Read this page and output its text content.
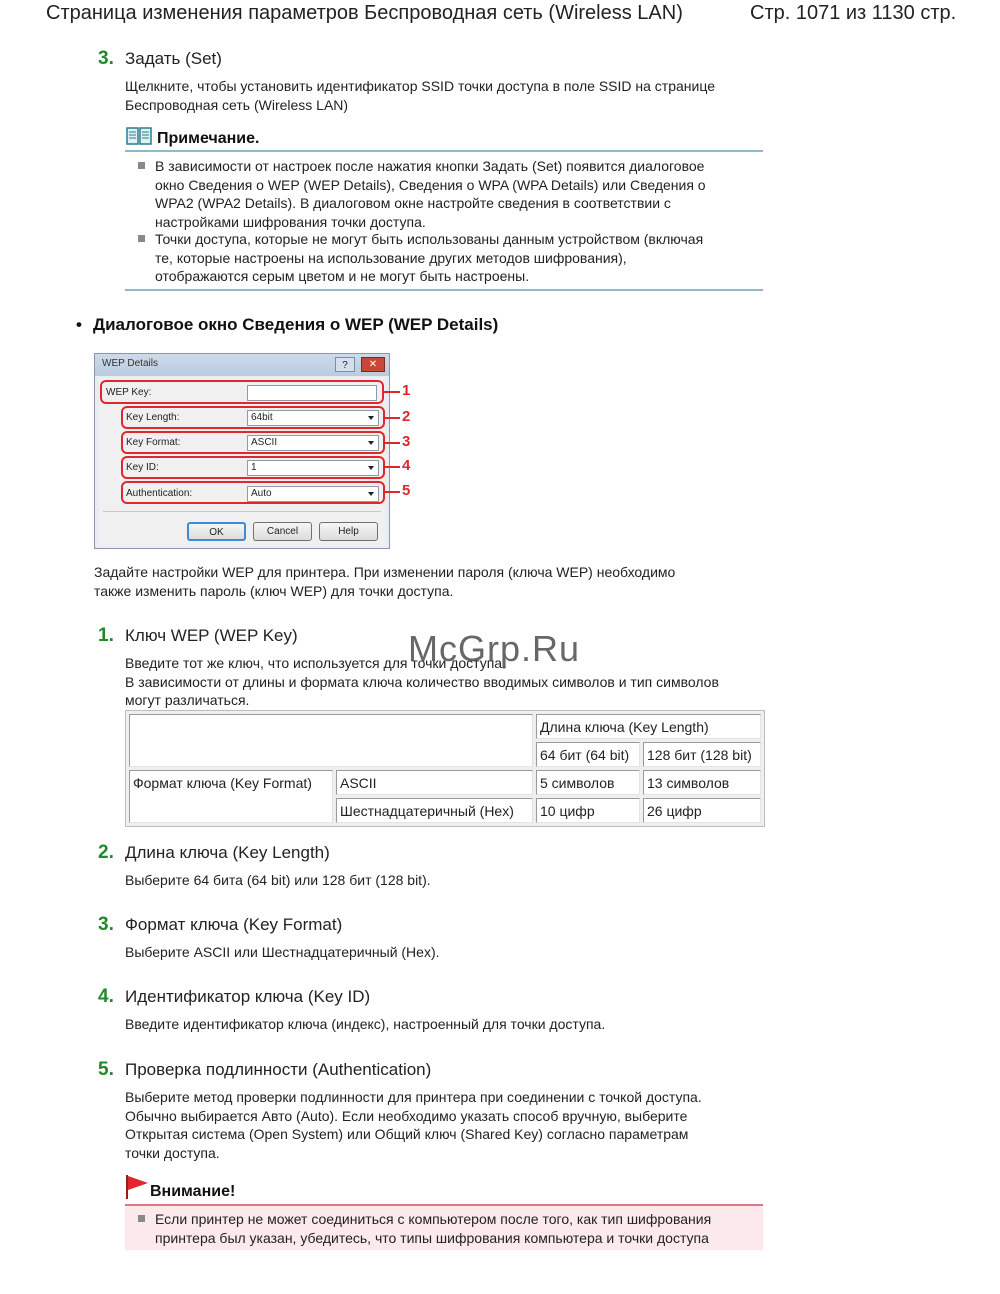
Страница изменения параметров Беспроводная сеть (Wireless LAN)	Стр. 1071 из 1130 стр.
3. Задать (Set)
Щелкните, чтобы установить идентификатор SSID точки доступа в поле SSID на странице
Беспроводная сеть (Wireless LAN)
Примечание.
В зависимости от настроек после нажатия кнопки Задать (Set) появится диалоговое
окно Сведения о WEP (WEP Details), Сведения о WPA (WPA Details) или Сведения о
WPA2 (WPA2 Details). В диалоговом окне настройте сведения в соответствии с
настройками шифрования точки доступа.
Точки доступа, которые не могут быть использованы данным устройством (включая
те, которые настроены на использование других методов шифрования),
отображаются серым цветом и не могут быть настроены.
• Диалоговое окно Сведения о WEP (WEP Details)
WEP Details	?	✕
WEP Key:
Key Length:	64bit
Key Format:	ASCII
Key ID:	1
Authentication:	Auto
OK	Cancel	Help
1
2
3
4
5
Задайте настройки WEP для принтера. При изменении пароля (ключа WEP) необходимо
также изменить пароль (ключ WEP) для точки доступа.
1. Ключ WEP (WEP Key)
Введите тот же ключ, что используется для точки доступа.
В зависимости от длины и формата ключа количество вводимых символов и тип символов
могут различаться.
McGrp.Ru
		Длина ключа (Key Length)	
		64 бит (64 bit)	128 бит (128 bit)
Формат ключа (Key Format)	ASCII	5 символов	13 символов
	Шестнадцатеричный (Hex)	10 цифр	26 цифр
2. Длина ключа (Key Length)
Выберите 64 бита (64 bit) или 128 бит (128 bit).
3. Формат ключа (Key Format)
Выберите ASCII или Шестнадцатеричный (Hex).
4. Идентификатор ключа (Key ID)
Введите идентификатор ключа (индекс), настроенный для точки доступа.
5. Проверка подлинности (Authentication)
Выберите метод проверки подлинности для принтера при соединении с точкой доступа.
Обычно выбирается Авто (Auto). Если необходимо указать способ вручную, выберите
Открытая система (Open System) или Общий ключ (Shared Key) согласно параметрам
точки доступа.
Внимание!
Если принтер не может соединиться с компьютером после того, как тип шифрования
принтера был указан, убедитесь, что типы шифрования компьютера и точки доступа
